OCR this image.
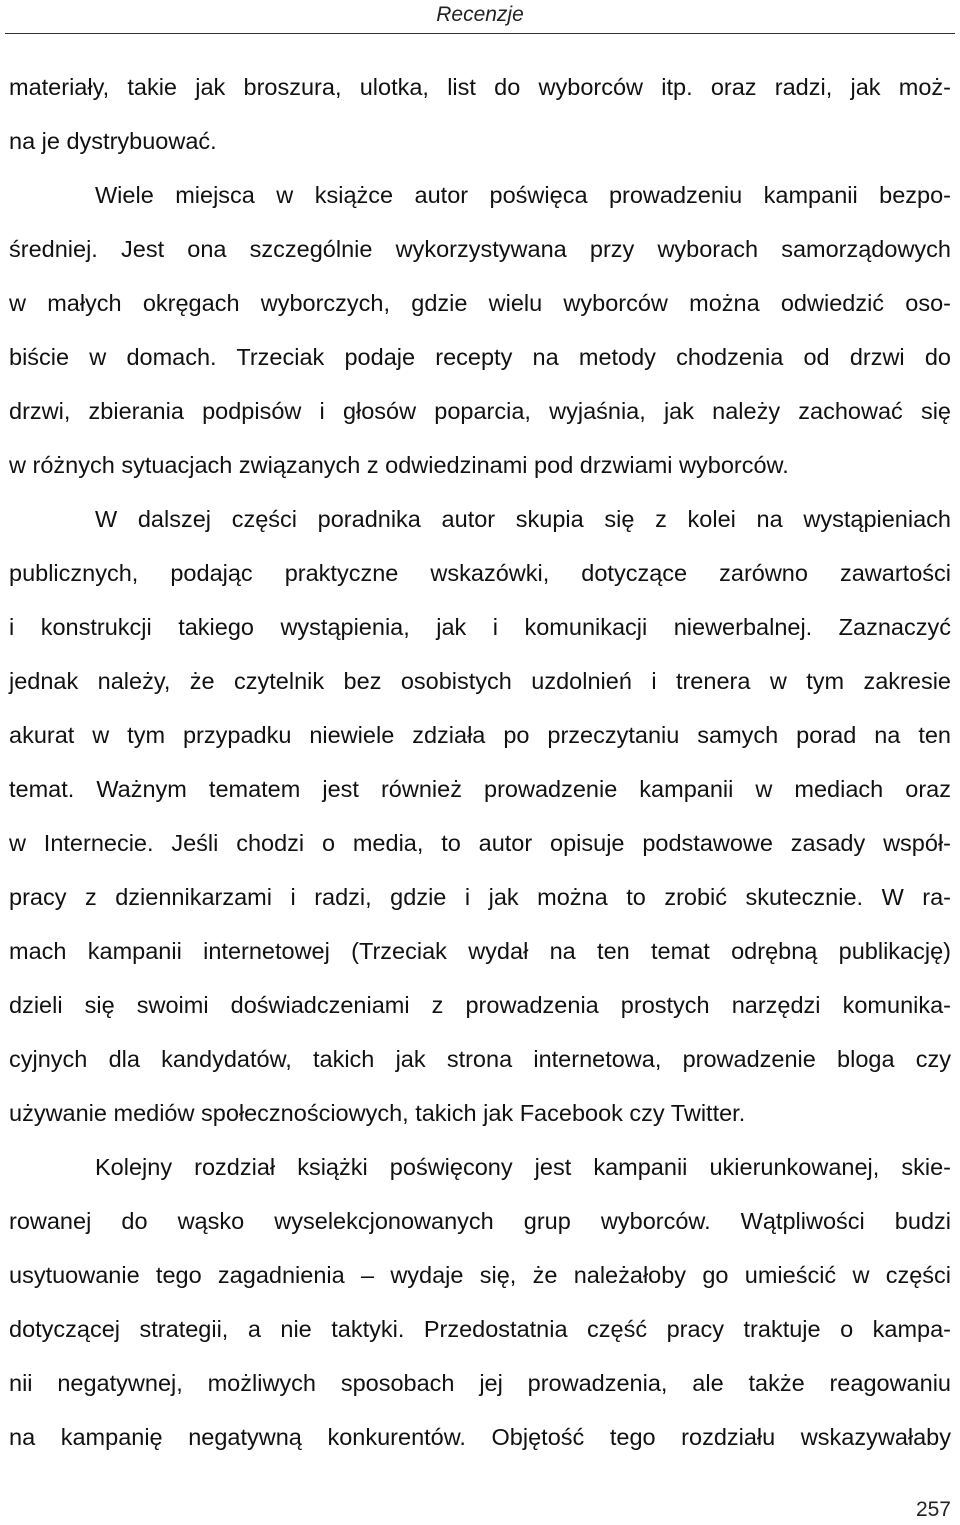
Recenzje
materiały, takie jak broszura, ulotka, list do wyborców itp. oraz radzi, jak moż-
na je dystrybuować.
Wiele miejsca w książce autor poświęca prowadzeniu kampanii bezpo-
średniej. Jest ona szczególnie wykorzystywana przy wyborach samorządowych
w małych okręgach wyborczych, gdzie wielu wyborców można odwiedzić oso-
biście w domach. Trzeciak podaje recepty na metody chodzenia od drzwi do
drzwi, zbierania podpisów i głosów poparcia, wyjaśnia, jak należy zachować się
w różnych sytuacjach związanych z odwiedzinami pod drzwiami wyborców.
W dalszej części poradnika autor skupia się z kolei na wystąpieniach
publicznych, podając praktyczne wskazówki, dotyczące zarówno zawartości
i konstrukcji takiego wystąpienia, jak i komunikacji niewerbalnej. Zaznaczyć
jednak należy, że czytelnik bez osobistych uzdolnień i trenera w tym zakresie
akurat w tym przypadku niewiele zdziała po przeczytaniu samych porad na ten
temat. Ważnym tematem jest również prowadzenie kampanii w mediach oraz
w Internecie. Jeśli chodzi o media, to autor opisuje podstawowe zasady współ-
pracy z dziennikarzami i radzi, gdzie i jak można to zrobić skutecznie. W ra-
mach kampanii internetowej (Trzeciak wydał na ten temat odrębną publikację)
dzieli się swoimi doświadczeniami z prowadzenia prostych narzędzi komunika-
cyjnych dla kandydatów, takich jak strona internetowa, prowadzenie bloga czy
używanie mediów społecznościowych, takich jak Facebook czy Twitter.
Kolejny rozdział książki poświęcony jest kampanii ukierunkowanej, skie-
rowanej do wąsko wyselekcjonowanych grup wyborców. Wątpliwości budzi
usytuowanie tego zagadnienia – wydaje się, że należałoby go umieścić w części
dotyczącej strategii, a nie taktyki. Przedostatnia część pracy traktuje o kampa-
nii negatywnej, możliwych sposobach jej prowadzenia, ale także reagowaniu
na kampanię negatywną konkurentów. Objętość tego rozdziału wskazywałaby
257
